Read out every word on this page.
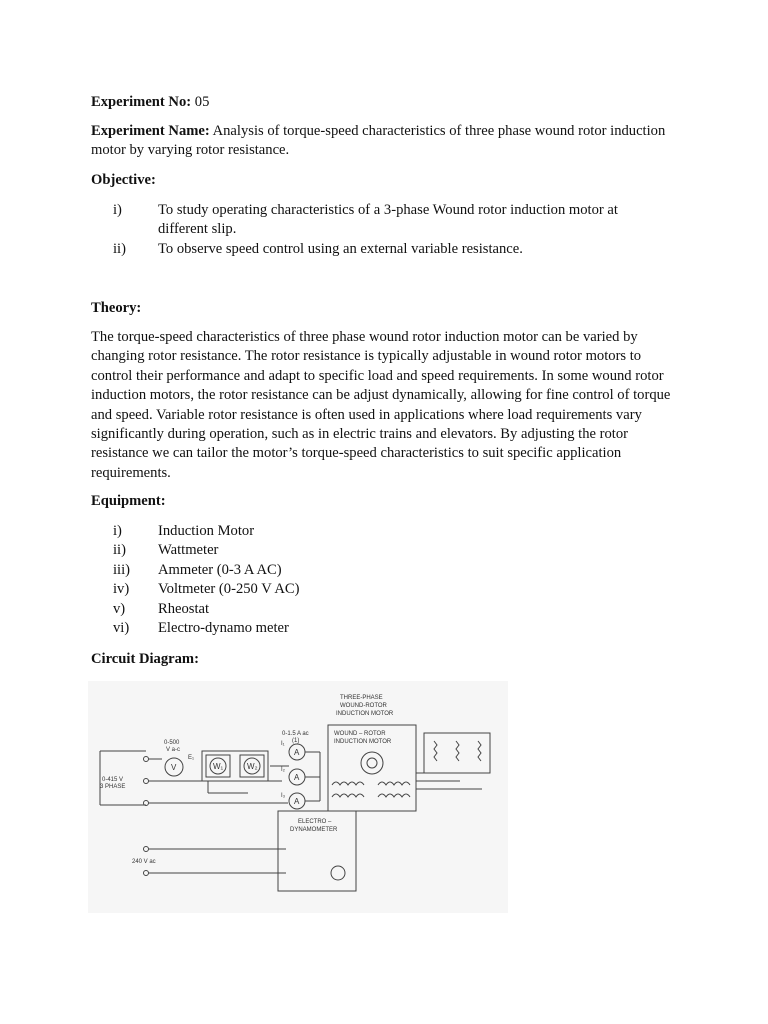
Experiment No: 05
Experiment Name: Analysis of torque-speed characteristics of three phase wound rotor induction motor by varying rotor resistance.
Objective:
i) To study operating characteristics of a 3-phase Wound rotor induction motor at different slip.
ii) To observe speed control using an external variable resistance.
Theory:
The torque-speed characteristics of three phase wound rotor induction motor can be varied by changing rotor resistance. The rotor resistance is typically adjustable in wound rotor motors to control their performance and adapt to specific load and speed requirements. In some wound rotor induction motors, the rotor resistance can be adjust dynamically, allowing for fine control of torque and speed. Variable rotor resistance is often used in applications where load requirements vary significantly during operation, such as in electric trains and elevators. By adjusting the rotor resistance we can tailor the motor’s torque-speed characteristics to suit specific application requirements.
Equipment:
i) Induction Motor
ii) Wattmeter
iii) Ammeter (0-3 A AC)
iv) Voltmeter (0-250 V AC)
v) Rheostat
vi) Electro-dynamo meter
Circuit Diagram:
THREE-PHASE
WOUND-ROTOR
INDUCTION MOTOR
WOUND – ROTOR
INDUCTION MOTOR
0-1.5 A ac
(1)
0-500
V a-c
0-415 V
3 PHASE
ELECTRO –
DYNAMOMETER
240 V ac
I₁
I₂
I₃
E₁
V	W₁	W₂
A
A
A
